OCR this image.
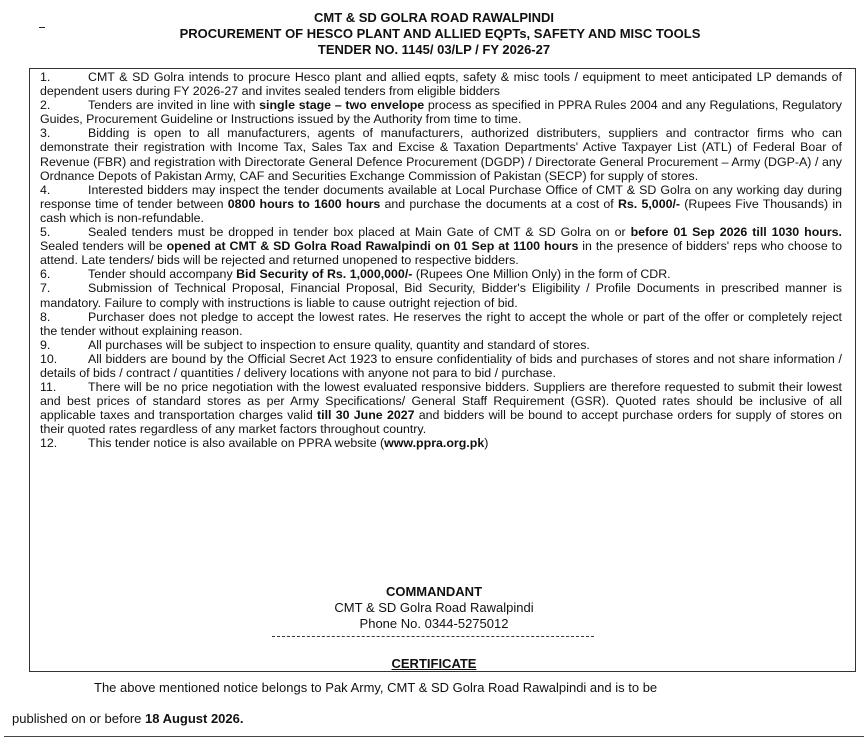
CMT & SD GOLRA ROAD RAWALPINDI
PROCUREMENT OF HESCO PLANT AND ALLIED EQPTs, SAFETY AND MISC TOOLS
TENDER NO. 1145/ 03/LP / FY 2026-27
1.	CMT & SD Golra intends to procure Hesco plant and allied eqpts, safety & misc tools / equipment to meet anticipated LP demands of dependent users during FY 2026-27 and invites sealed tenders from eligible bidders
2.	Tenders are invited in line with single stage – two envelope process as specified in PPRA Rules 2004 and any Regulations, Regulatory Guides, Procurement Guideline or Instructions issued by the Authority from time to time.
3.	Bidding is open to all manufacturers, agents of manufacturers, authorized distributers, suppliers and contractor firms who can demonstrate their registration with Income Tax, Sales Tax and Excise & Taxation Departments' Active Taxpayer List (ATL) of Federal Boar of Revenue (FBR) and registration with Directorate General Defence Procurement (DGDP) / Directorate General Procurement – Army (DGP-A) / any Ordnance Depots of Pakistan Army, CAF and Securities Exchange Commission of Pakistan (SECP) for supply of stores.
4.	Interested bidders may inspect the tender documents available at Local Purchase Office of CMT & SD Golra on any working day during response time of tender between 0800 hours to 1600 hours and purchase the documents at a cost of Rs. 5,000/- (Rupees Five Thousands) in cash which is non-refundable.
5.	Sealed tenders must be dropped in tender box placed at Main Gate of CMT & SD Golra on or before 01 Sep 2026 till 1030 hours. Sealed tenders will be opened at CMT & SD Golra Road Rawalpindi on 01 Sep at 1100 hours in the presence of bidders' reps who choose to attend. Late tenders/ bids will be rejected and returned unopened to respective bidders.
6.	Tender should accompany Bid Security of Rs. 1,000,000/- (Rupees One Million Only) in the form of CDR.
7.	Submission of Technical Proposal, Financial Proposal, Bid Security, Bidder's Eligibility / Profile Documents in prescribed manner is mandatory. Failure to comply with instructions is liable to cause outright rejection of bid.
8.	Purchaser does not pledge to accept the lowest rates. He reserves the right to accept the whole or part of the offer or completely reject the tender without explaining reason.
9.	All purchases will be subject to inspection to ensure quality, quantity and standard of stores.
10. All bidders are bound by the Official Secret Act 1923 to ensure confidentiality of bids and purchases of stores and not share information / details of bids / contract / quantities / delivery locations with anyone not para to bid / purchase.
11.	There will be no price negotiation with the lowest evaluated responsive bidders. Suppliers are therefore requested to submit their lowest and best prices of standard stores as per Army Specifications/ General Staff Requirement (GSR). Quoted rates should be inclusive of all applicable taxes and transportation charges valid till 30 June 2027 and bidders will be bound to accept purchase orders for supply of stores on their quoted rates regardless of any market factors throughout country.
12. This tender notice is also available on PPRA website (www.ppra.org.pk)
COMMANDANT
CMT & SD Golra Road Rawalpindi
Phone No. 0344-5275012
CERTIFICATE
The above mentioned notice belongs to Pak Army, CMT & SD Golra Road Rawalpindi and is to be
published on or before 18 August 2026.
